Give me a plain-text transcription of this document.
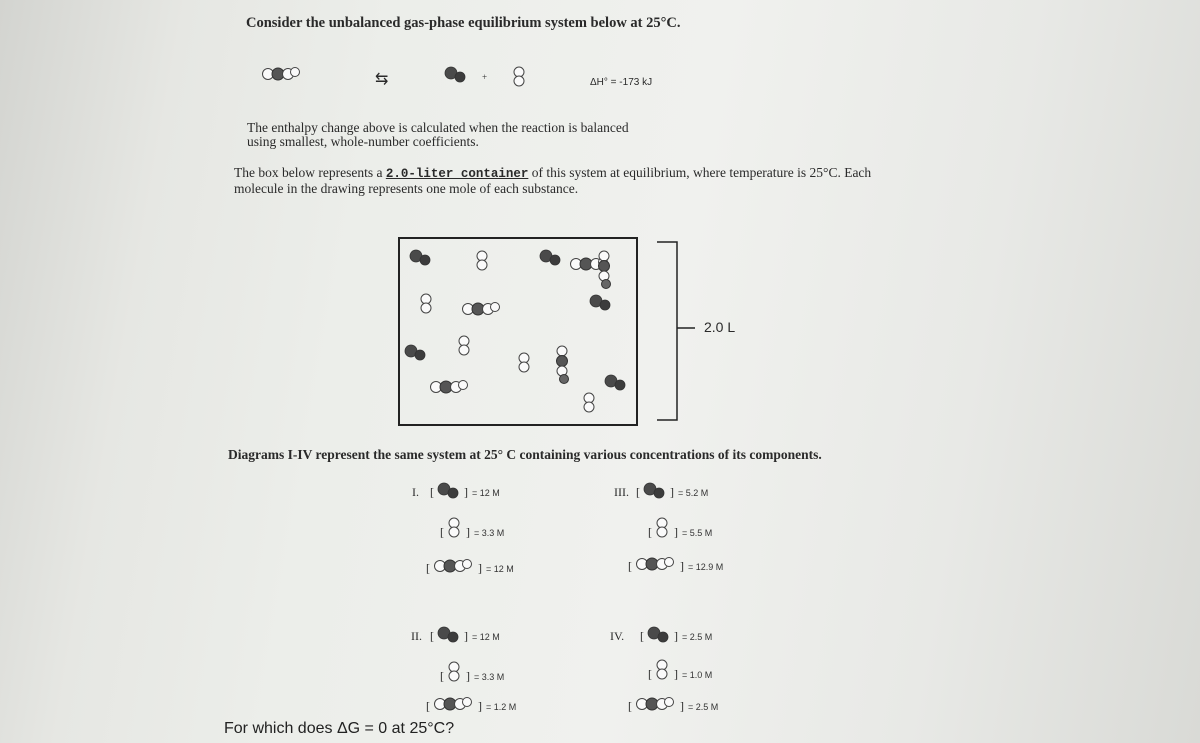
Consider the unbalanced gas-phase equilibrium system below at 25°C.
⇆	+	ΔH° = -173 kJ
The enthalpy change above is calculated when the reaction is balanced
using smallest, whole-number coefficients.
The box below represents a 2.0-liter container of this system at equilibrium, where temperature is 25°C. Each
molecule in the drawing represents one mole of each substance.
2.0 L
Diagrams I-IV represent the same system at 25° C containing various concentrations of its components.
I. [	] = 12 M
[ ] = 3.3 M
[	] = 12 M
III. [	] = 5.2 M
[ ] = 5.5 M
[	] = 12.9 M
II. [	] = 12 M
[ ] = 3.3 M
[	] = 1.2 M
IV. [	] = 2.5 M
[ ] = 1.0 M
[	] = 2.5 M
For which does ΔG = 0 at 25°C?
